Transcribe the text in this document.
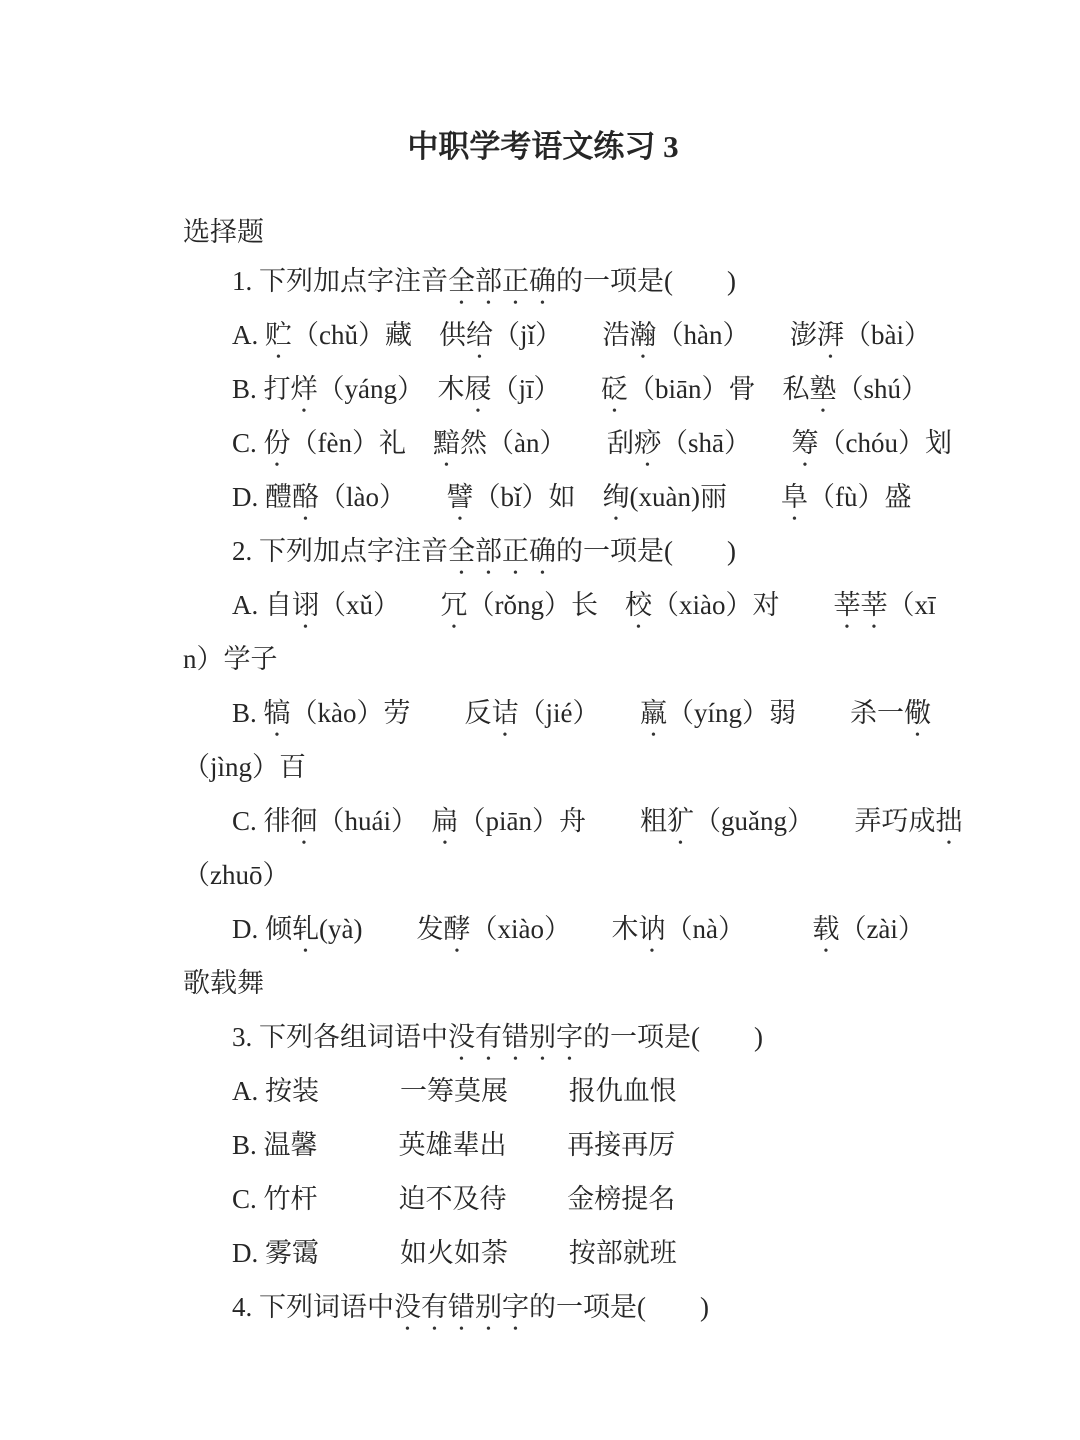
中职学考语文练习 3
选择题
1. 下列加点字注音全部正确的一项是(　　)
A. 贮（chǔ）藏　供给（jǐ）　　浩瀚（hàn）　　澎湃（bài）
B. 打烊（yáng）　木屐（jī）　　砭（biān）骨　私塾（shú）
C. 份（fèn）礼　黯然（àn）　　刮痧（shā）　　筹（chóu）划
D. 醴酪（lào）　　譬（bǐ）如　绚(xuàn)丽　　阜（fù）盛
2. 下列加点字注音全部正确的一项是(　　)
A. 自诩（xǔ）　　冗（rǒng）长　校（xiào）对　　莘莘（xī
n）学子
B. 犒（kào）劳　　反诘（jié）　　羸（yíng）弱　　杀一儆
（jìng）百
C. 徘徊（huái）　扁（piān）舟　　粗犷（guǎng）　　弄巧成拙
（zhuō）
D. 倾轧(yà)　　发酵（xiào）　　木讷（nà）　　　载（zài）
歌载舞
3. 下列各组词语中没有错别字的一项是(　　)
A. 按装　　　一筹莫展　　 报仇血恨
B. 温馨　　　英雄辈出　　 再接再厉
C. 竹杆　　　迫不及待　　 金榜提名
D. 雾霭　　　如火如荼　　 按部就班
4. 下列词语中没有错别字的一项是(　　)
